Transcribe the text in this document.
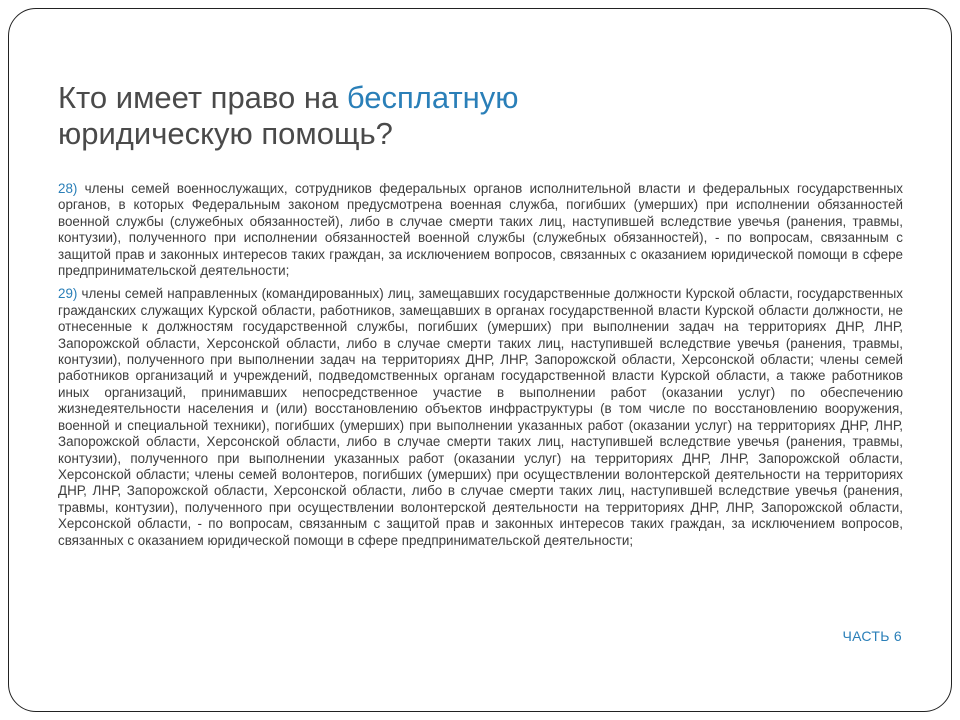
Кто имеет право на бесплатную
юридическую помощь?

28) члены семей военнослужащих, сотрудников федеральных органов исполнительной власти и федеральных государственных органов, в которых Федеральным законом предусмотрена военная служба, погибших (умерших) при исполнении обязанностей военной службы (служебных обязанностей), либо в случае смерти таких лиц, наступившей вследствие увечья (ранения, травмы, контузии), полученного при исполнении обязанностей военной службы (служебных обязанностей), - по вопросам, связанным с защитой прав и законных интересов таких граждан, за исключением вопросов, связанных с оказанием юридической помощи в сфере предпринимательской деятельности;

29) члены семей направленных (командированных) лиц, замещавших государственные должности Курской области, государственных гражданских служащих Курской области, работников, замещавших в органах государственной власти Курской области должности, не отнесенные к должностям государственной службы, погибших (умерших) при выполнении задач на территориях ДНР, ЛНР, Запорожской области, Херсонской области, либо в случае смерти таких лиц, наступившей вследствие увечья (ранения, травмы, контузии), полученного при выполнении задач на территориях ДНР, ЛНР, Запорожской области, Херсонской области; члены семей работников организаций и учреждений, подведомственных органам государственной власти Курской области, а также работников иных организаций, принимавших непосредственное участие в выполнении работ (оказании услуг) по обеспечению жизнедеятельности населения и (или) восстановлению объектов инфраструктуры (в том числе по восстановлению вооружения, военной и специальной техники), погибших (умерших) при выполнении указанных работ (оказании услуг) на территориях ДНР, ЛНР, Запорожской области, Херсонской области, либо в случае смерти таких лиц, наступившей вследствие увечья (ранения, травмы, контузии), полученного при выполнении указанных работ (оказании услуг) на территориях ДНР, ЛНР, Запорожской области, Херсонской области; члены семей волонтеров, погибших (умерших) при осуществлении волонтерской деятельности на территориях ДНР, ЛНР, Запорожской области, Херсонской области, либо в случае смерти таких лиц, наступившей вследствие увечья (ранения, травмы, контузии), полученного при осуществлении волонтерской деятельности на территориях ДНР, ЛНР, Запорожской области, Херсонской области, - по вопросам, связанным с защитой прав и законных интересов таких граждан, за исключением вопросов, связанных с оказанием юридической помощи в сфере предпринимательской деятельности;

ЧАСТЬ 6
